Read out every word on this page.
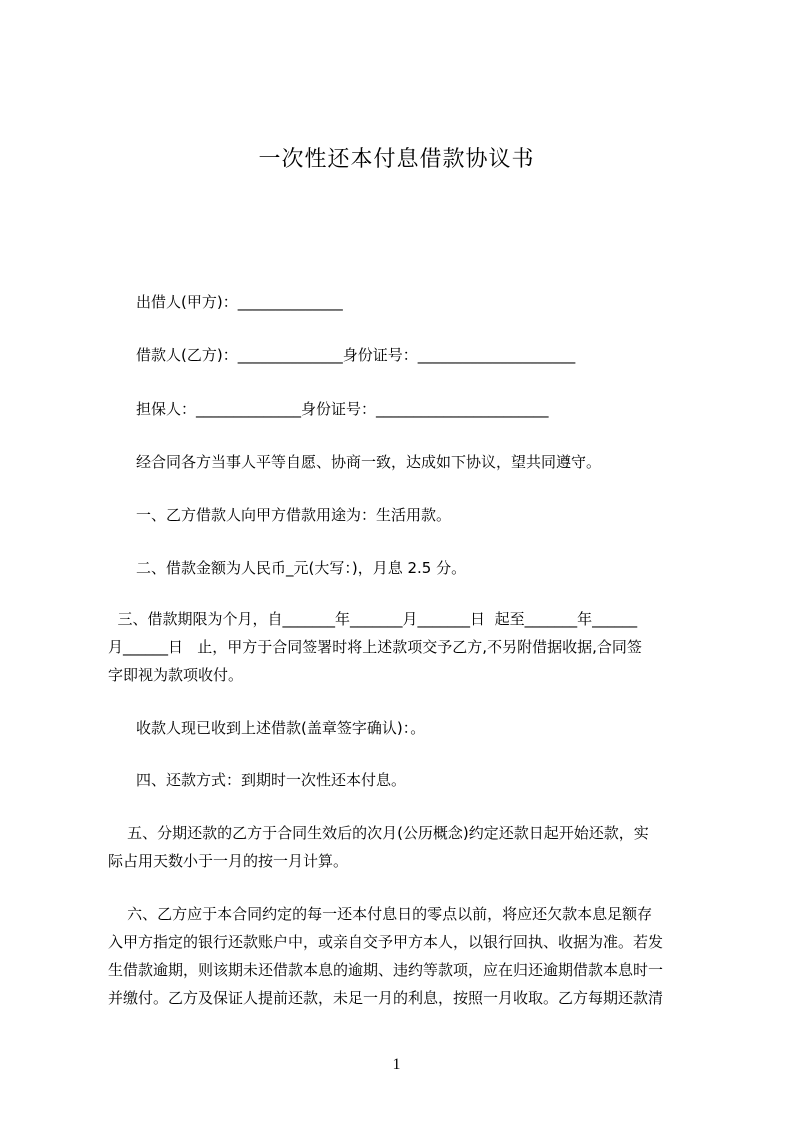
一次性还本付息借款协议书
出借人(甲方)：______________
借款人(乙方)：______________身份证号：_____________________
担保人：______________身份证号：_______________________
经合同各方当事人平等自愿、协商一致，达成如下协议，望共同遵守。
一、乙方借款人向甲方借款用途为：生活用款。
二、借款金额为人民币_元(大写：)，月息 2.5 分。
三、借款期限为个月，自_______年_______月_______日  起至_______年______
月______日   止，甲方于合同签署时将上述款项交予乙方,不另附借据收据,合同签
字即视为款项收付。
收款人现已收到上述借款(盖章签字确认)：。
四、还款方式：到期时一次性还本付息。
五、分期还款的乙方于合同生效后的次月(公历概念)约定还款日起开始还款，实
际占用天数小于一月的按一月计算。
六、乙方应于本合同约定的每一还本付息日的零点以前，将应还欠款本息足额存
入甲方指定的银行还款账户中，或亲自交予甲方本人，以银行回执、收据为准。若发
生借款逾期，则该期未还借款本息的逾期、违约等款项，应在归还逾期借款本息时一
并缴付。乙方及保证人提前还款，未足一月的利息，按照一月收取。乙方每期还款清
1
